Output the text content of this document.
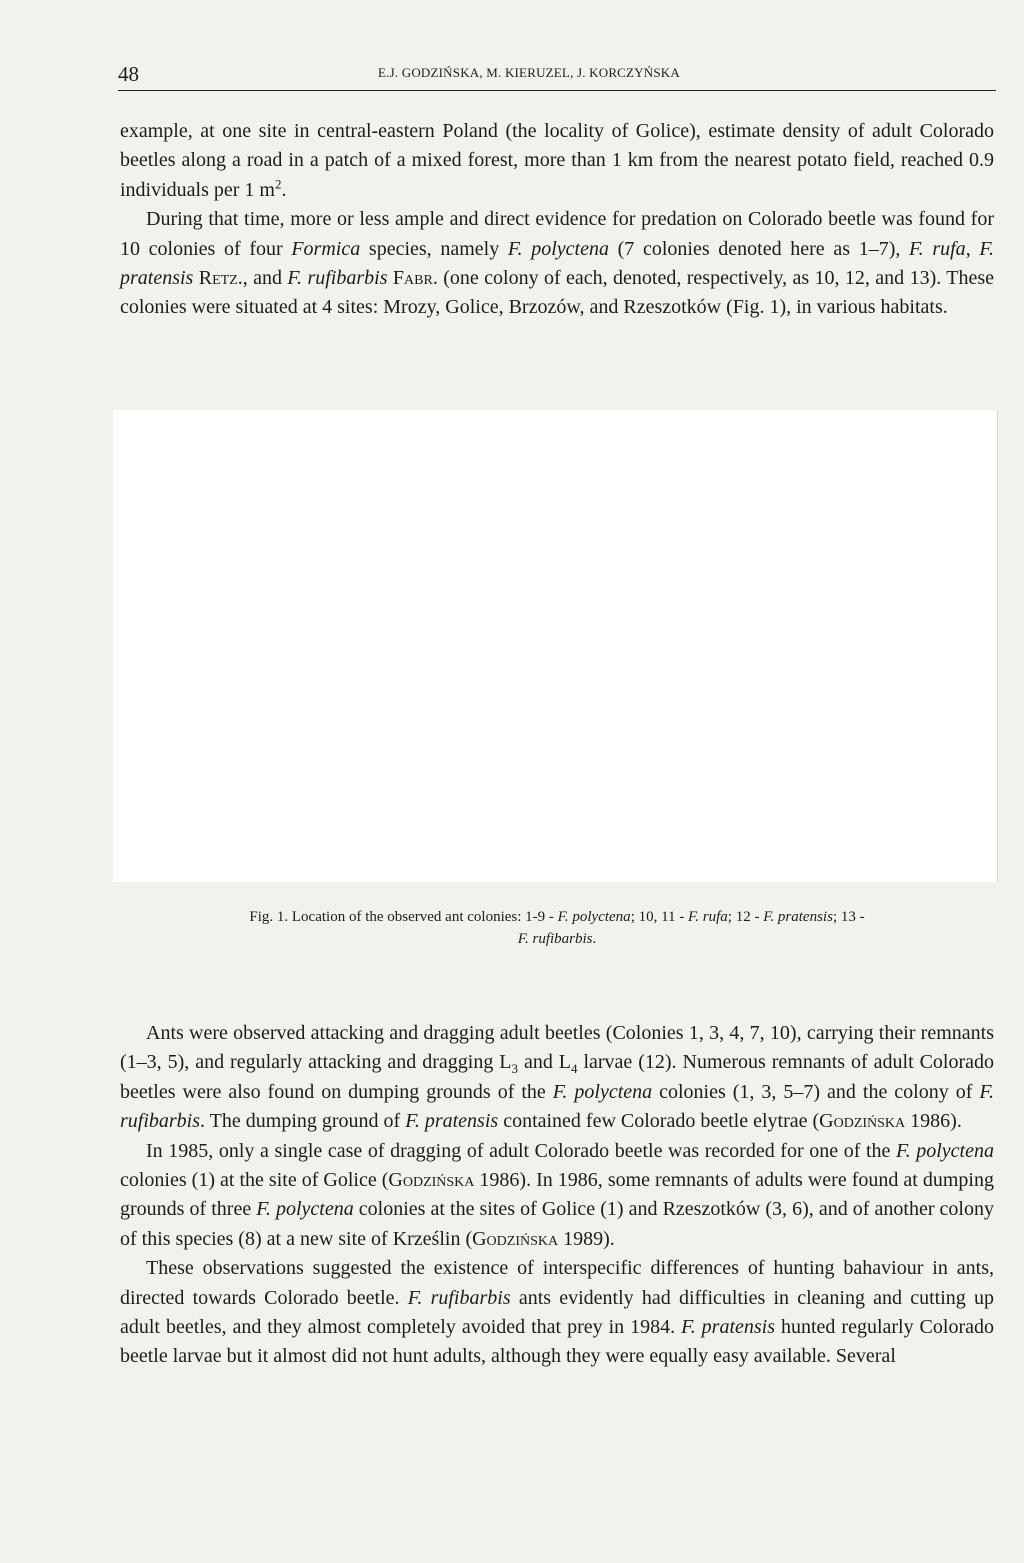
48	E.J. GODZIŃSKA, M. KIERUZEL, J. KORCZYŃSKA

example, at one site in central-eastern Poland (the locality of Golice), estimate density of adult Colorado beetles along a road in a patch of a mixed forest, more than 1 km from the nearest potato field, reached 0.9 individuals per 1 $m^2$.

During that time, more or less ample and direct evidence for predation on Colorado beetle was found for 10 colonies of four Formica species, namely F. polyctena (7 colonies denoted here as 1–7), F. rufa, F. pratensis Retz., and F. rufibarbis Fabr. (one colony of each, denoted, respectively, as 10, 12, and 13). These colonies were situated at 4 sites: Mrozy, Golice, Brzozów, and Rzeszotków (Fig. 1), in various habitats.

Fig. 1. Location of the observed ant colonies: 1-9 - F. polyctena; 10, 11 - F. rufa; 12 - F. pratensis; 13 -
F. rufibarbis.

Ants were observed attacking and dragging adult beetles (Colonies 1, 3, 4, 7, 10), carrying their remnants (1–3, 5), and regularly attacking and dragging $L_3$ and $L_4$ larvae (12). Numerous remnants of adult Colorado beetles were also found on dumping grounds of the F. polyctena colonies (1, 3, 5–7) and the colony of F. rufibarbis. The dumping ground of F. pratensis contained few Colorado beetle elytrae (Godzińska 1986).

In 1985, only a single case of dragging of adult Colorado beetle was recorded for one of the F. polyctena colonies (1) at the site of Golice (Godzińska 1986). In 1986, some remnants of adults were found at dumping grounds of three F. polyctena colonies at the sites of Golice (1) and Rzeszotków (3, 6), and of another colony of this species (8) at a new site of Krześlin (Godzińska 1989).

These observations suggested the existence of interspecific differences of hunting bahaviour in ants, directed towards Colorado beetle. F. rufibarbis ants evidently had difficulties in cleaning and cutting up adult beetles, and they almost completely avoided that prey in 1984. F. pratensis hunted regularly Colorado beetle larvae but it almost did not hunt adults, although they were equally easy available. Several
